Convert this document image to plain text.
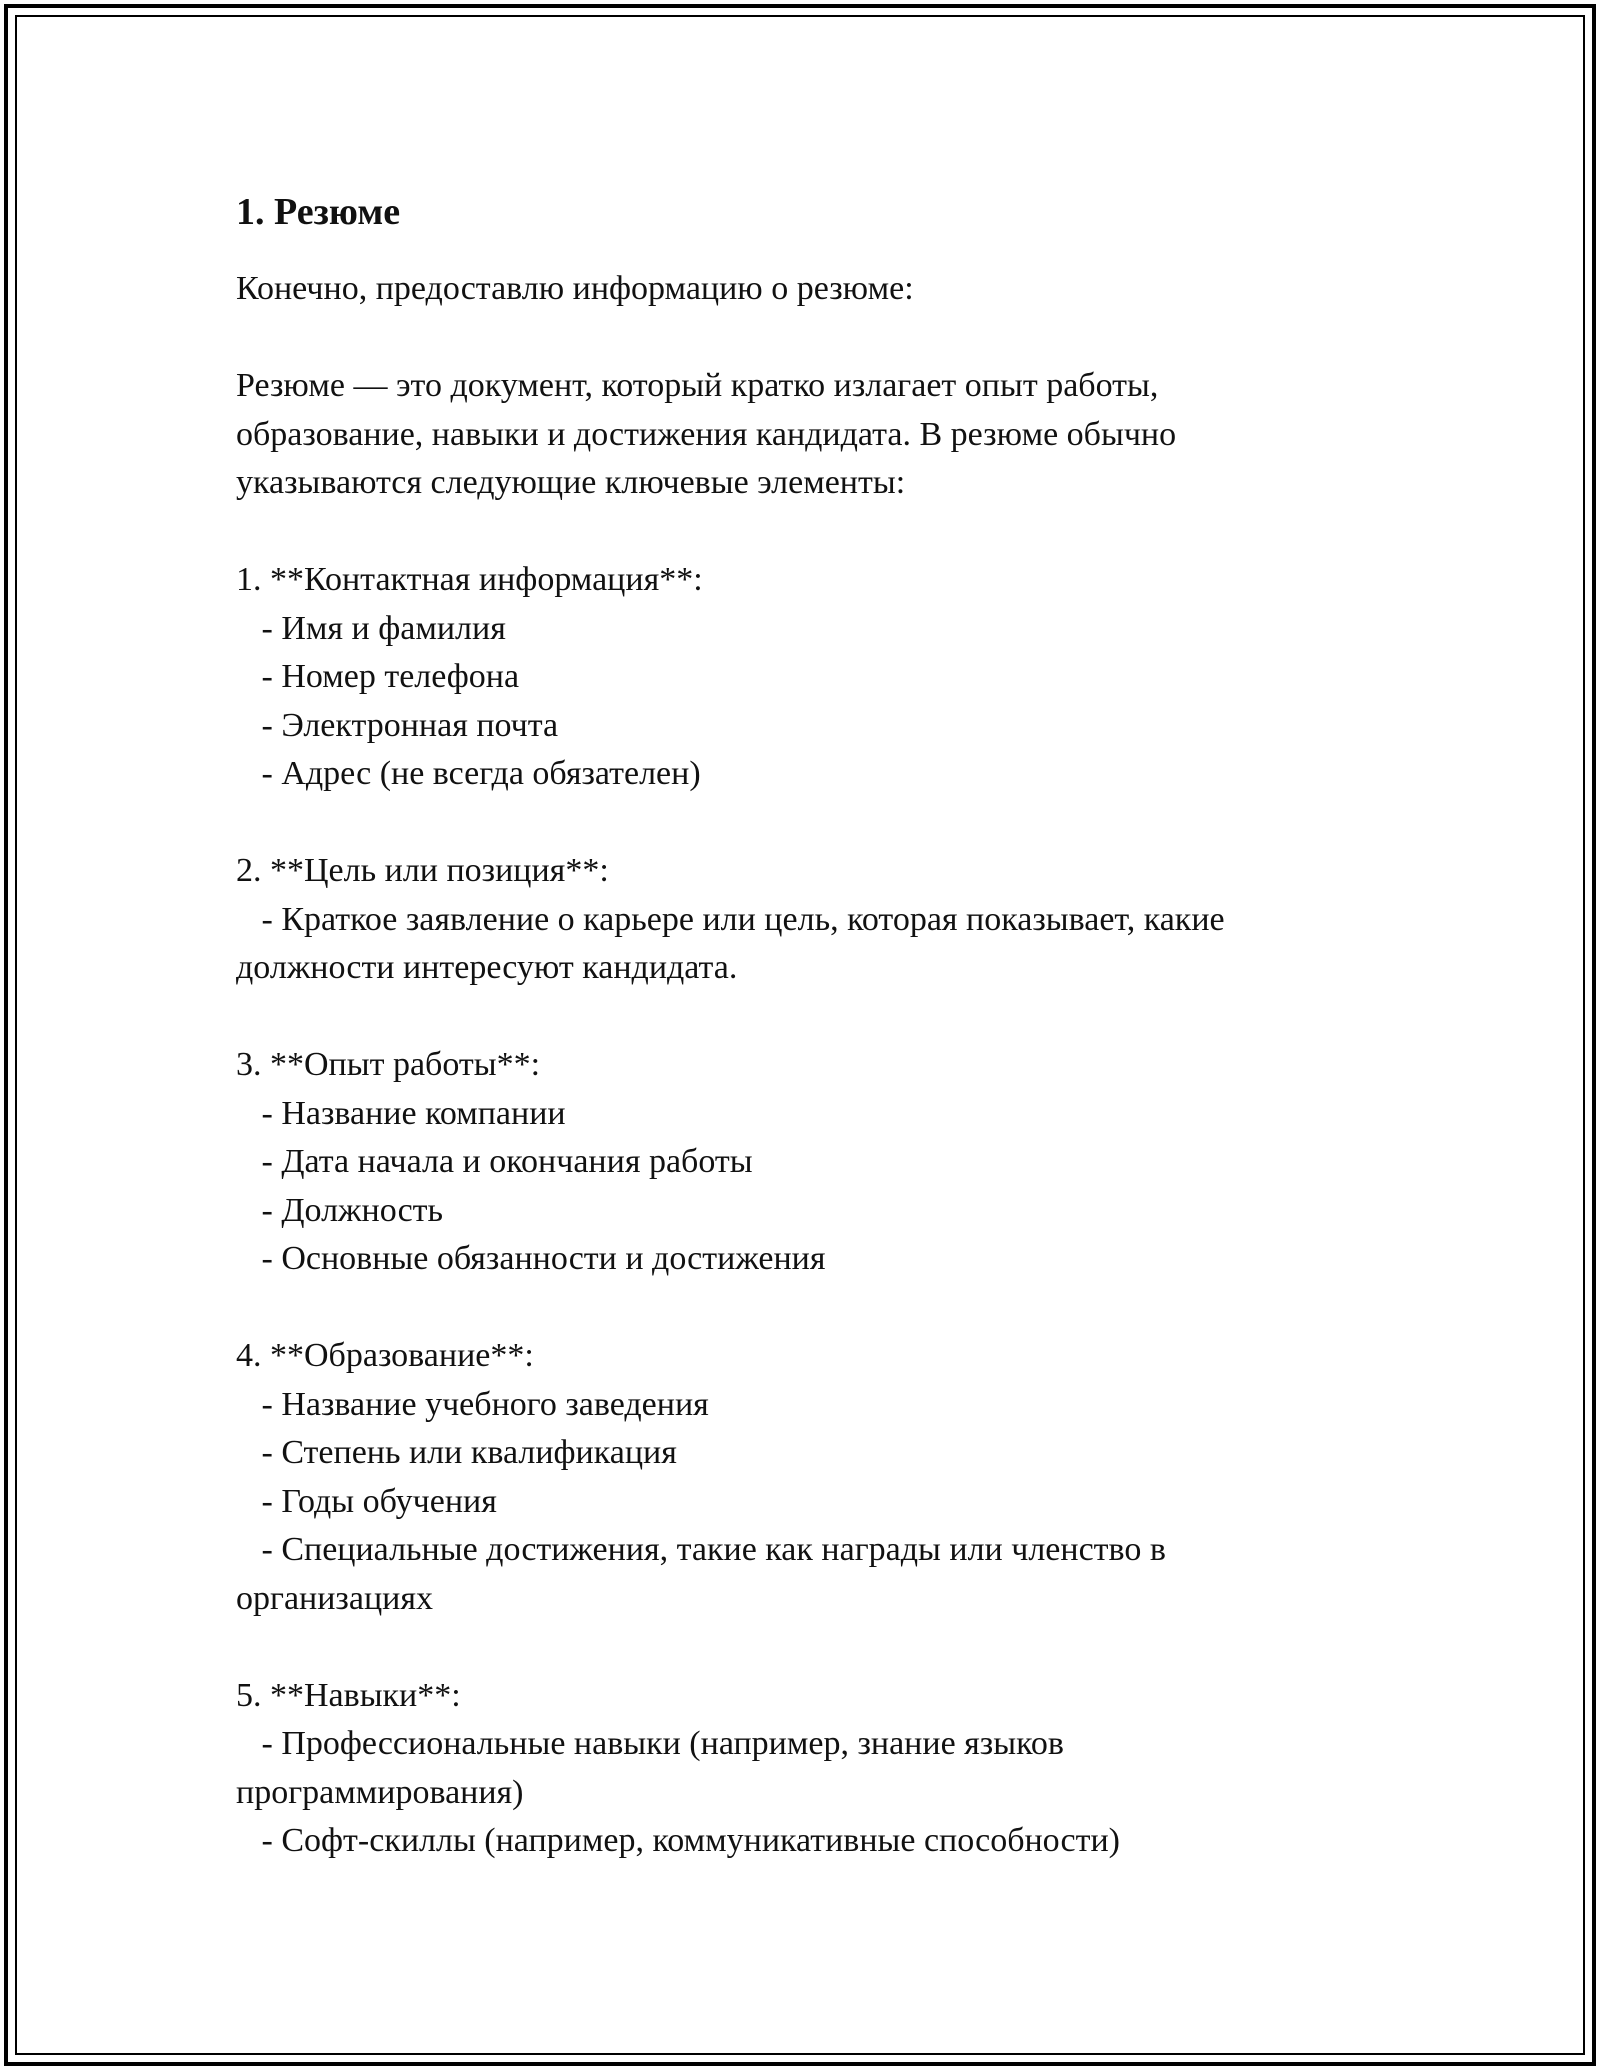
1. Резюме
Конечно, предоставлю информацию о резюме:
Резюме — это документ, который кратко излагает опыт работы,
образование, навыки и достижения кандидата. В резюме обычно
указываются следующие ключевые элементы:
1. **Контактная информация**:
- Имя и фамилия
- Номер телефона
- Электронная почта
- Адрес (не всегда обязателен)
2. **Цель или позиция**:
- Краткое заявление о карьере или цель, которая показывает, какие
должности интересуют кандидата.
3. **Опыт работы**:
- Название компании
- Дата начала и окончания работы
- Должность
- Основные обязанности и достижения
4. **Образование**:
- Название учебного заведения
- Степень или квалификация
- Годы обучения
- Специальные достижения, такие как награды или членство в
организациях
5. **Навыки**:
- Профессиональные навыки (например, знание языков
программирования)
- Софт-скиллы (например, коммуникативные способности)
